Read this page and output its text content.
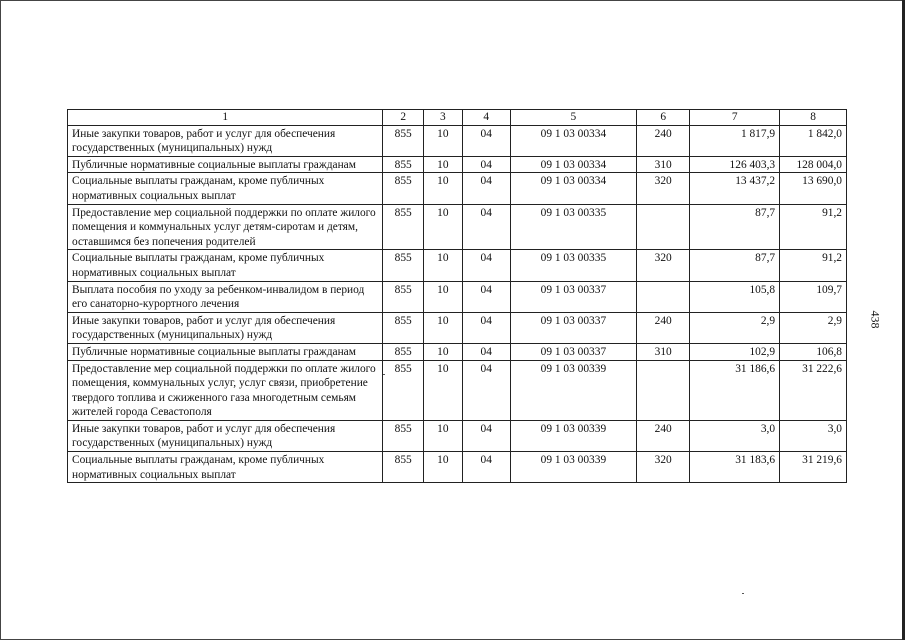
438
1	2	3	4	5	6	7	8
Иные закупки товаров, работ и услуг для обеспечения государственных (муниципальных) нужд	855	10	04	09 1 03 00334	240	1 817,9	1 842,0
Публичные нормативные социальные выплаты гражданам	855	10	04	09 1 03 00334	310	126 403,3	128 004,0
Социальные выплаты гражданам, кроме публичных нормативных социальных выплат	855	10	04	09 1 03 00334	320	13 437,2	13 690,0
Предоставление мер социальной поддержки по оплате жилого помещения и коммунальных услуг детям-сиротам и детям, оставшимся без попечения родителей	855	10	04	09 1 03 00335		87,7	91,2
Социальные выплаты гражданам, кроме публичных нормативных социальных выплат	855	10	04	09 1 03 00335	320	87,7	91,2
Выплата пособия по уходу за ребенком-инвалидом в период его санаторно-курортного лечения	855	10	04	09 1 03 00337		105,8	109,7
Иные закупки товаров, работ и услуг для обеспечения государственных (муниципальных) нужд	855	10	04	09 1 03 00337	240	2,9	2,9
Публичные нормативные социальные выплаты гражданам	855	10	04	09 1 03 00337	310	102,9	106,8
Предоставление мер социальной поддержки по оплате жилого помещения, коммунальных услуг, услуг связи, приобретение твердого топлива и сжиженного газа многодетным семьям жителей города Севастополя	855	10	04	09 1 03 00339		31 186,6	31 222,6
Иные закупки товаров, работ и услуг для обеспечения государственных (муниципальных) нужд	855	10	04	09 1 03 00339	240	3,0	3,0
Социальные выплаты гражданам, кроме публичных нормативных социальных выплат	855	10	04	09 1 03 00339	320	31 183,6	31 219,6
